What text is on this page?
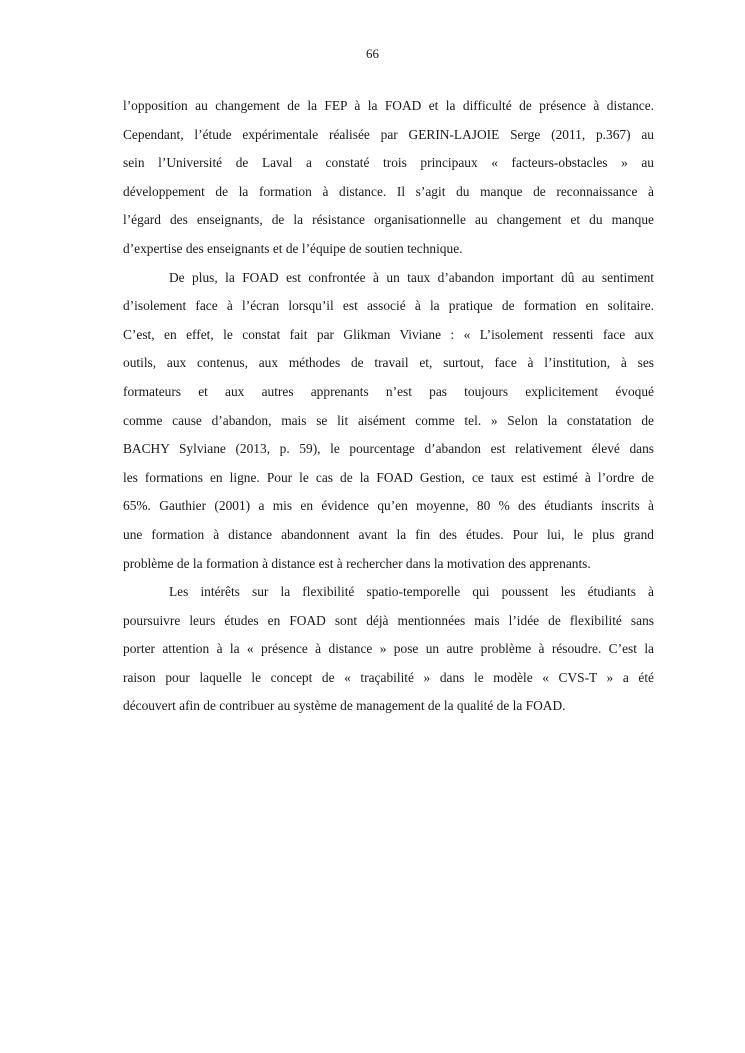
66
l’opposition au changement de la FEP à la FOAD et la difficulté de présence à distance.
Cependant, l’étude expérimentale réalisée par GERIN-LAJOIE Serge (2011, p.367) au
sein l’Université de Laval a constaté trois principaux « facteurs-obstacles » au
développement de la formation à distance. Il s’agit du manque de reconnaissance à
l’égard des enseignants, de la résistance organisationnelle au changement et du manque
d’expertise des enseignants et de l’équipe de soutien technique.
De plus, la FOAD est confrontée à un taux d’abandon important dû au sentiment
d’isolement face à l’écran lorsqu’il est associé à la pratique de formation en solitaire.
C’est, en effet, le constat fait par Glikman Viviane : « L’isolement ressenti face aux
outils, aux contenus, aux méthodes de travail et, surtout, face à l’institution, à ses
formateurs et aux autres apprenants n’est pas toujours explicitement évoqué
comme cause d’abandon, mais se lit aisément comme tel. » Selon la constatation de
BACHY Sylviane (2013, p. 59), le pourcentage d’abandon est relativement élevé dans
les formations en ligne. Pour le cas de la FOAD Gestion, ce taux est estimé à l’ordre de
65%. Gauthier (2001) a mis en évidence qu’en moyenne, 80 % des étudiants inscrits à
une formation à distance abandonnent avant la fin des études. Pour lui, le plus grand
problème de la formation à distance est à rechercher dans la motivation des apprenants.
Les intérêts sur la flexibilité spatio-temporelle qui poussent les étudiants à
poursuivre leurs études en FOAD sont déjà mentionnées mais l’idée de flexibilité sans
porter attention à la « présence à distance » pose un autre problème à résoudre. C’est la
raison pour laquelle le concept de « traçabilité » dans le modèle « CVS-T » a été
découvert afin de contribuer au système de management de la qualité de la FOAD.
